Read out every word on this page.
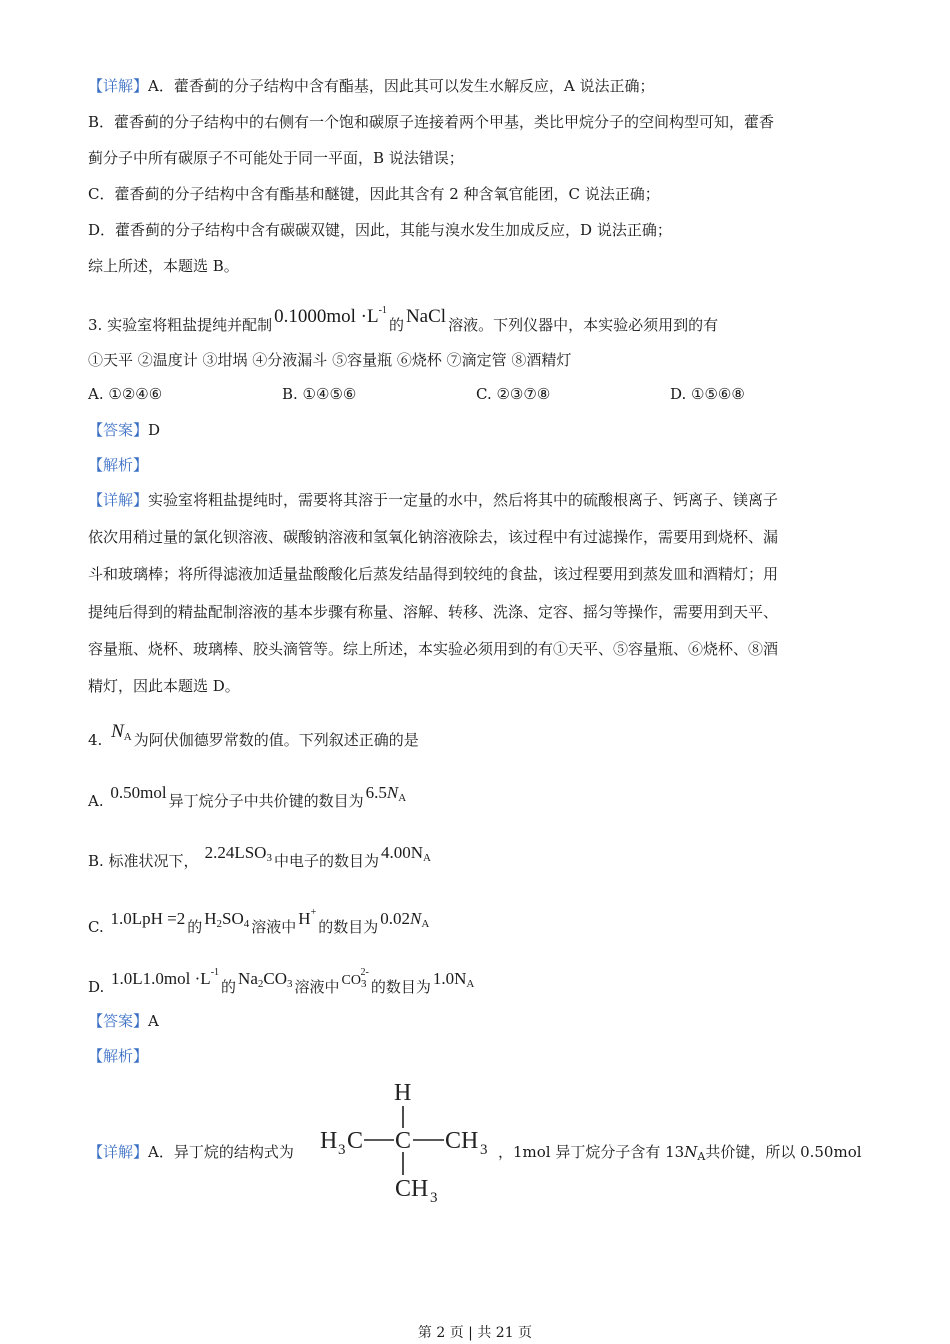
【详解】A．藿香蓟的分子结构中含有酯基，因此其可以发生水解反应，A 说法正确；
B．藿香蓟的分子结构中的右侧有一个饱和碳原子连接着两个甲基，类比甲烷分子的空间构型可知，藿香
蓟分子中所有碳原子不可能处于同一平面，B 说法错误；
C．藿香蓟的分子结构中含有酯基和醚键，因此其含有 2 种含氧官能团，C 说法正确；
D．藿香蓟的分子结构中含有碳碳双键，因此，其能与溴水发生加成反应，D 说法正确；
综上所述，本题选 B。
3. 实验室将粗盐提纯并配制 $0.1000mol \cdot L^{-1}$的 NaCl 溶液。下列仪器中，本实验必须用到的有
①天平 ②温度计 ③坩埚 ④分液漏斗 ⑤容量瓶 ⑥烧杯 ⑦滴定管 ⑧酒精灯
A. ①②④⑥	B. ①④⑤⑥	C. ②③⑦⑧	D. ①⑤⑥⑧
【答案】D
【解析】
【详解】实验室将粗盐提纯时，需要将其溶于一定量的水中，然后将其中的硫酸根离子、钙离子、镁离子
依次用稍过量的氯化钡溶液、碳酸钠溶液和氢氧化钠溶液除去，该过程中有过滤操作，需要用到烧杯、漏
斗和玻璃棒；将所得滤液加适量盐酸酸化后蒸发结晶得到较纯的食盐，该过程要用到蒸发皿和酒精灯；用
提纯后得到的精盐配制溶液的基本步骤有称量、溶解、转移、洗涤、定容、摇匀等操作，需要用到天平、
容量瓶、烧杯、玻璃棒、胶头滴管等。综上所述，本实验必须用到的有①天平、⑤容量瓶、⑥烧杯、⑧酒
精灯，因此本题选 D。
4. $N_A$ 为阿伏伽德罗常数的值。下列叙述正确的是
A. 0.50mol 异丁烷分子中共价键的数目为 $6.5N_A$
B. 标准状况下， $2.24LSO_3$ 中电子的数目为 $4.00N_A$
C. 1.0LpH =2 的 $H_2SO_4$ 溶液中 H+的数目为 $0.02N_A$
D. $1.0L1.0mol \cdot L^{-1}$的 $Na_2CO_3$ 溶液中 $CO_3^{2-}$的数目为 $1.0N_A$
【答案】A
【解析】
【详解】A．异丁烷的结构式为
H
H 3 C C CH 3
CH 3
，1mol 异丁烷分子含有 $13N_A$共价键，所以 0.50mol
第 2 页 | 共 21 页
